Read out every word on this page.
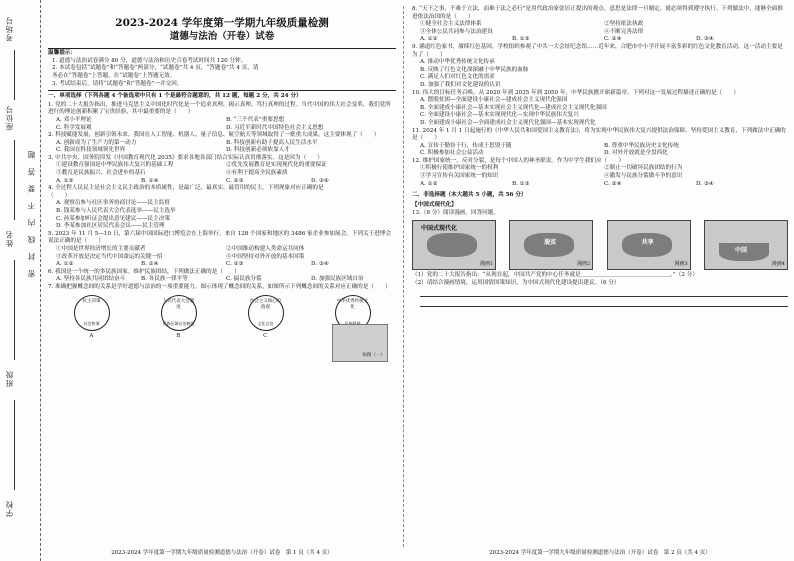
学校
班级
姓名
座位号
考场号
密　封　线　内　不　要　答　题
2023-2024 学年度第一学期九年级质量检测
道德与法治（开卷）试卷
温馨提示：
1. 道德与法治试卷满分 80 分，道德与法治和历史合卷考试时间共 120 分钟。
2. 本试卷包括“试题卷”和“答题卷”两部分，“试题卷”共 4 页，“答题卷”共 4 页，请
务必在“答题卷”上答题，在“试题卷”上答题无效。
3. 考试结束后，请将“试题卷”和“答题卷”一并交回。
一、单项选择（下列各题 4 个备选项中只有 1 个是最符合题意的，共 12 题，每题 2 分，共 24 分）

1. 党的二十大报告指出，推进马克思主义中国化时代化是一个追求真理、揭示真理、笃行真理的过程。当代中国的伟大社会变革，我们党所进行的理论创新积累了宝贵经验，其中最重要的是（　　）

A. 邓小平理论	B. “三个代表”重要思想
C. 科学发展观	D. 习近平新时代中国特色社会主义思想

2. 科技赋能发展，创新引领未来。我国在人工智能、机器人、量子信息、航空航天等领域取得了一批重大成果，这主要体现了（　　）

A. 创新成为了生产力的第一动力	B. 科技创新有助于提高人民生活水平
C. 我国在科技领域领先世界	D. 科技创新必须依靠人才

3. 中共中央、国务院印发《中国教育现代化 2035》要求各地各部门结合实际认真贯彻落实。这是因为（　　）

①建设教育强国是中华民族伟大复兴的基础工程	②优先发展教育是实现现代化的重要保证
③教育是民族振兴、社会进步的基石	④有利于提高全民族素质
A. ①②	B. ①④	C. ②③	D. ③④

4. 全过程人民民主是社会主义民主政治的本质属性，是最广泛、最真实、最管用的民主。下列现象对应正确的是（　　）

A. 观察员参与社区事务协商讨论——民主监督
B. 钱某参与人民代表大会代表选举——民主选举
C. 孙某参加听证会提出意见建议——民主决策
D. 李某参加社区居民代表会议——民主管理

5. 2023 年 11 月 5—10 日，第六届中国国际进口博览会在上海举行。来自 128 个国家和地区的 3486 家企业参加展会。下列关于进博会说法正确的是（　　）

①中国是世界经济增长的主要贡献者	②中国推动构建人类命运共同体
③改革开放是决定当代中国命运的关键一招	④中国坚持对外开放的基本国策
A. ①②	B. ①④	C. ②③	D. ③④

6. 我国是一个统一的多民族国家。维护民族团结，下列做法正确的是（　　）

A. 坚持各民族共同团结奋斗	B. 各民族一律平等	C. 搞民族分裂	D. 加强民族区域自治

7. 准确把握概念间的关系是学好道德与法治的一项重要能力。图示体现了概念间的关系，如图所示下列概念间的关系对应正确的是（　　）

民主决策
社会和谐
人民代表大会制度
民族区域自治制度
社会主义核心价值观
文化自信
中华优秀传统文化
A	B	C
如图（一）
2023-2024 学年度第一学期九年级质量检测道德与法治（开卷）试卷　第 1 页（共 4 页）

8. “天下之事，不难于立法，而难于法之必行”是用代政治家张居正提出的观点。意思是法律一旦制定，就必须得到遵守执行。下列做法中，能够全面推进依法治国的是（　　）

①健全社会主义法律体系	②坚持依法执政
③全体公民共同参与法治建设	④不断完善法律
A. ①②	B. ①③	C. ②④	D. ③④

9. 涵道红色家书，赓续红色基因。学校组织参观了中共一大会址纪念馆……近年来，合肥市中小学开展丰富多彩的红色文化教育活动。这一活动主要是为了（　　）

A. 推动中华优秀传统文化传承
B. 反映了红色文化深深融于中华民族的血脉
C. 满足人们对红色文化的需求
D. 加强了我们对文化建设的认识

10. 伟大的目标任务召唤。从 2020 年到 2035 年到 2050 年，中华民族掀开崭新篇章。下列对这一发展过程描述正确的是（　　）

A. 摆脱贫困—全面建设小康社会—建成社会主义现代化强国
B. 全面建成小康社会—基本实现社会主义现代化—建成社会主义现代化强国
C. 全面建设小康社会—基本实现现代化—实现中华民族伟大复兴
D. 全面建成小康社会—全面建成社会主义现代化强国—基本实现现代化

11. 2024 年 1 月 1 日起施行的《中华人民共和国爱国主义教育法》，将为实现中华民族伟大复兴提供法治保障。坚持爱国主义教育，下列做法中正确的是（　　）

A. 宣传于勤俭于行，传成于思毁于随	B. 尊重中华民族历史文化传统
C. 积极参加社会公益活动	D. 对外开放就是全盘西化

12. 维护国家统一，反对分裂，是每个中国人的神圣职责。作为中学生我们应（　　）

①积极行使维护国家统一的权利	②制止一切破坏民族团结的行为
③学习宣传有关国家统一的知识	④激发与民族分裂做斗争的意识
A. ①②	B. ①③	C. ②④	D. ③④
二、非选择题（本大题共 5 小题，共 56 分）
【中国式现代化】

13.（8 分）阅读漫画，回答问题。

中国式现代化
漫画1
脱贫
漫画2
共享
漫画3
中国
漫画4

（1）党的二十大报告指出：“从现在起，中国共产党的中心任务就是＿＿＿＿＿＿＿＿＿＿＿＿＿＿＿＿。”（2 分）

（2）请结合漫画情境，运用国情国策知识，为中国式现代化建设提出建议。（6 分）

2023-2024 学年度第一学期九年级质量检测道德与法治（开卷）试卷　第 2 页（共 4 页）
